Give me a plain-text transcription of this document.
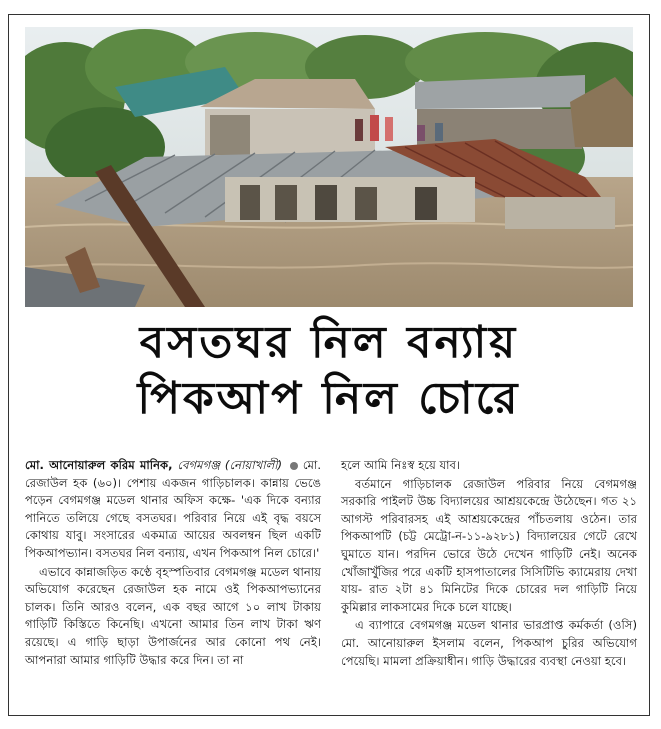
বসতঘর নিল বন্যায়
পিকআপ নিল চোরে

মো. আনোয়ারুল করিম মানিক, বেগমগঞ্জ (নোয়াখালী) মো. রেজাউল হক (৬০)। পেশায় একজন গাড়িচালক। কান্নায় ভেঙে পড়েন বেগমগঞ্জ মডেল থানার অফিস কক্ষে- 'এক দিকে বন্যার পানিতে তলিয়ে গেছে বসতঘর। পরিবার নিয়ে এই বৃদ্ধ বয়সে কোথায় যাবু। সংসারের একমাত্র আয়ের অবলম্বন ছিল একটি পিকআপভ্যান। বসতঘর নিল বন্যায়, এখন পিকআপ নিল চোরে।'

এভাবে কান্নাজড়িত কণ্ঠে বৃহস্পতিবার বেগমগঞ্জ মডেল থানায় অভিযোগ করেছেন রেজাউল হক নামে ওই পিকআপভ্যানের চালক। তিনি আরও বলেন, এক বছর আগে ১০ লাখ টাকায় গাড়িটি কিস্তিতে কিনেছি। এখনো আমার তিন লাখ টাকা ঋণ রয়েছে। এ গাড়ি ছাড়া উপার্জনের আর কোনো পথ নেই। আপনারা আমার গাড়িটি উদ্ধার করে দিন। তা না

হলে আমি নিঃস্ব হয়ে যাব।

বর্তমানে গাড়িচালক রেজাউল পরিবার নিয়ে বেগমগঞ্জ সরকারি পাইলট উচ্চ বিদ্যালয়ের আশ্রয়কেন্দ্রে উঠেছেন। গত ২১ আগস্ট পরিবারসহ এই আশ্রয়কেন্দ্রের পাঁচতলায় ওঠেন। তার পিকআপটি (চট্ট মেট্রো-ন-১১-৯২৮১) বিদ্যালয়ের গেটে রেখে ঘুমাতে যান। পরদিন ভোরে উঠে দেখেন গাড়িটি নেই। অনেক খোঁজাখুঁজির পরে একটি হাসপাতালের সিসিটিভি ক্যামেরায় দেখা যায়- রাত ২টা ৪১ মিনিটের দিকে চোরের দল গাড়িটি নিয়ে কুমিল্লার লাকসামের দিকে চলে যাচ্ছে।

এ ব্যাপারে বেগমগঞ্জ মডেল থানার ভারপ্রাপ্ত কর্মকর্তা (ওসি) মো. আনোয়ারুল ইসলাম বলেন, পিকআপ চুরির অভিযোগ পেয়েছি। মামলা প্রক্রিয়াধীন। গাড়ি উদ্ধারের ব্যবস্থা নেওয়া হবে।
